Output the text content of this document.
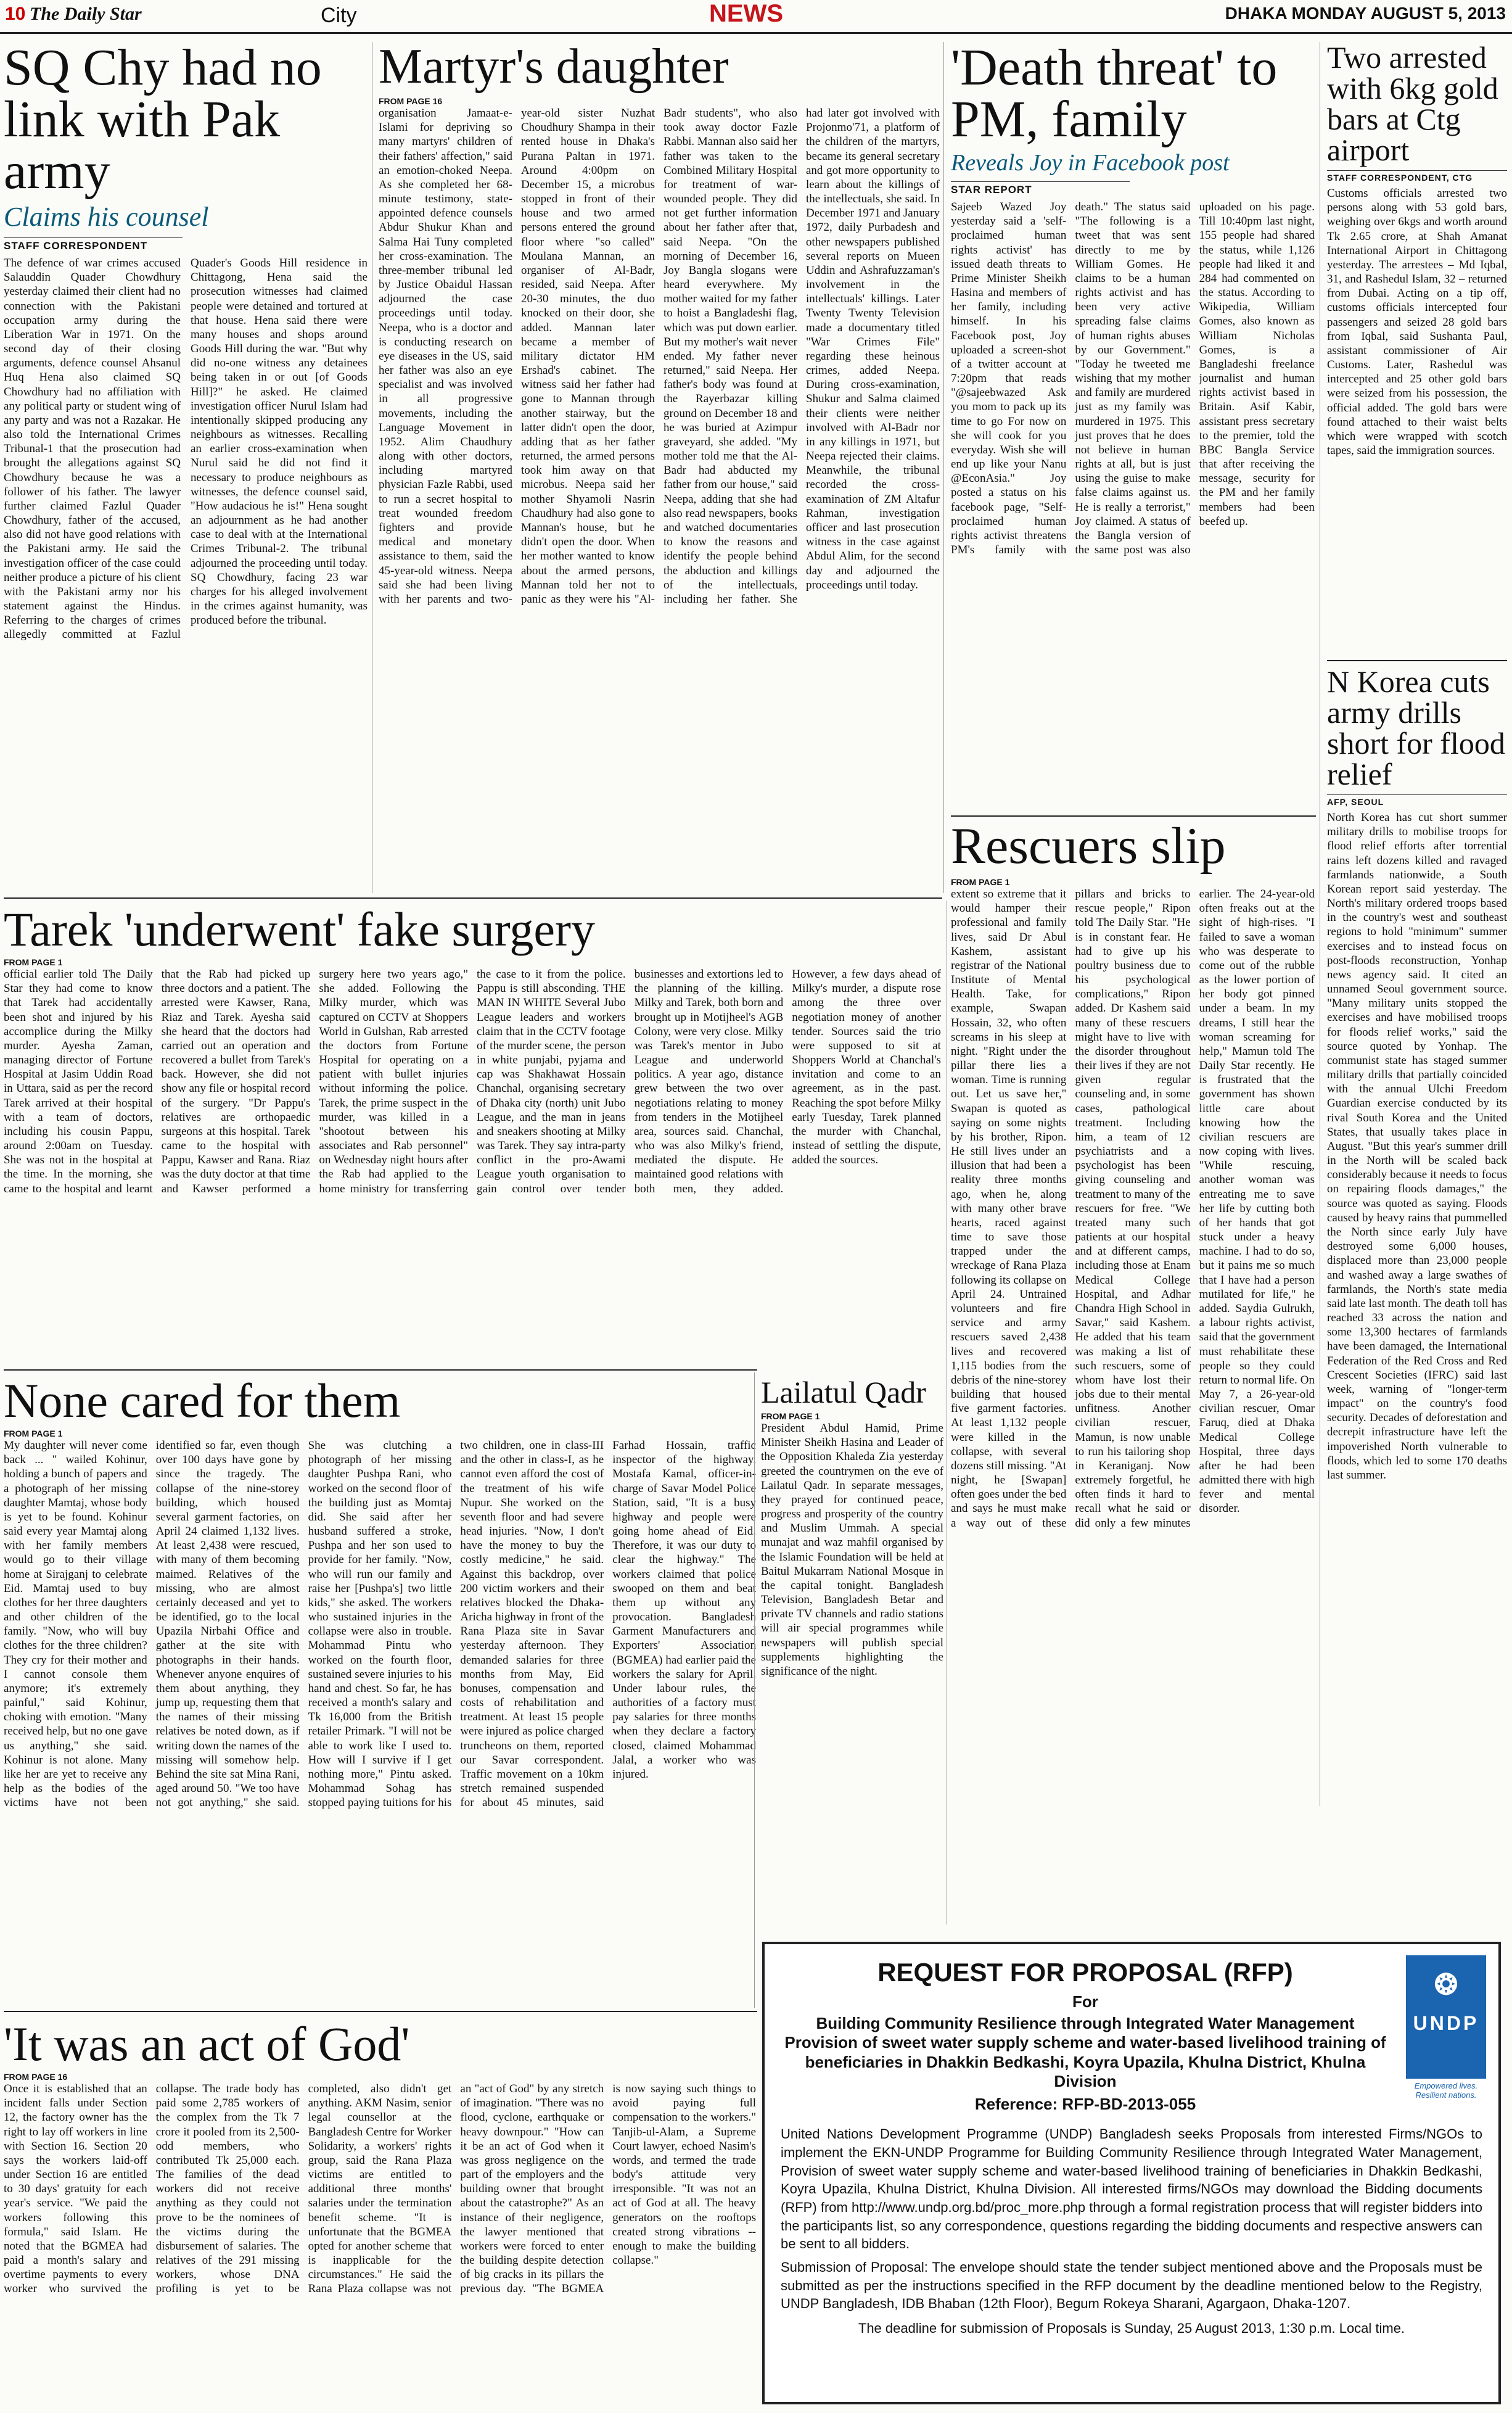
10 The Daily Star	City	NEWS	DHAKA MONDAY AUGUST 5, 2013
SQ Chy had no link with Pak army
Claims his counsel
STAFF CORRESPONDENT
The defence of war crimes accused Salauddin Quader Chowdhury yesterday claimed their client had no connection with the Pakistani occupation army during the Liberation War in 1971. On the second day of their closing arguments, defence counsel Ahsanul Huq Hena also claimed SQ Chowdhury had no affiliation with any political party or student wing of any party and was not a Razakar. He also told the International Crimes Tribunal-1 that the prosecution had brought the allegations against SQ Chowdhury because he was a follower of his father. The lawyer further claimed Fazlul Quader Chowdhury, father of the accused, also did not have good relations with the Pakistani army. He said the investigation officer of the case could neither produce a picture of his client with the Pakistani army nor his statement against the Hindus. Referring to the charges of crimes allegedly committed at Fazlul Quader's Goods Hill residence in Chittagong, Hena said the prosecution witnesses had claimed people were detained and tortured at that house. Hena said there were many houses and shops around Goods Hill during the war. "But why did no-one witness any detainees being taken in or out [of Goods Hill]?" he asked. He claimed investigation officer Nurul Islam had intentionally skipped producing any neighbours as witnesses. Recalling an earlier cross-examination when Nurul said he did not find it necessary to produce neighbours as witnesses, the defence counsel said, "How audacious he is!" Hena sought an adjournment as he had another case to deal with at the International Crimes Tribunal-2. The tribunal adjourned the proceeding until today. SQ Chowdhury, facing 23 war charges for his alleged involvement in the crimes against humanity, was produced before the tribunal.
Martyr's daughter
FROM PAGE 16
organisation Jamaat-e-Islami for depriving so many martyrs' children of their fathers' affection," said an emotion-choked Neepa. As she completed her 68-minute testimony, state-appointed defence counsels Abdur Shukur Khan and Salma Hai Tuny completed her cross-examination. The three-member tribunal led by Justice Obaidul Hassan adjourned the case proceedings until today. Neepa, who is a doctor and is conducting research on eye diseases in the US, said her father was also an eye specialist and was involved in all progressive movements, including the Language Movement in 1952. Alim Chaudhury along with other doctors, including martyred physician Fazle Rabbi, used to run a secret hospital to treat wounded freedom fighters and provide medical and monetary assistance to them, said the 45-year-old witness. Neepa said she had been living with her parents and two-year-old sister Nuzhat Choudhury Shampa in their rented house in Dhaka's Purana Paltan in 1971. Around 4:00pm on December 15, a microbus stopped in front of their house and two armed persons entered the ground floor where "so called" Moulana Mannan, an organiser of Al-Badr, resided, said Neepa. After 20-30 minutes, the duo knocked on their door, she added. Mannan later became a member of military dictator HM Ershad's cabinet. The witness said her father had gone to Mannan through another stairway, but the latter didn't open the door, adding that as her father returned, the armed persons took him away on that microbus. Neepa said her mother Shyamoli Nasrin Chaudhury had also gone to Mannan's house, but he didn't open the door. When her mother wanted to know about the armed persons, Mannan told her not to panic as they were his "Al-Badr students", who also took away doctor Fazle Rabbi. Mannan also said her father was taken to the Combined Military Hospital for treatment of war-wounded people. They did not get further information about her father after that, said Neepa. "On the morning of December 16, Joy Bangla slogans were heard everywhere. My mother waited for my father to hoist a Bangladeshi flag, which was put down earlier. But my mother's wait never ended. My father never returned," said Neepa. Her father's body was found at the Rayerbazar killing ground on December 18 and he was buried at Azimpur graveyard, she added. "My mother told me that the Al-Badr had abducted my father from our house," said Neepa, adding that she had also read newspapers, books and watched documentaries to know the reasons and identify the people behind the abduction and killings of the intellectuals, including her father. She had later got involved with Projonmo'71, a platform of the children of the martyrs, became its general secretary and got more opportunity to learn about the killings of the intellectuals, she said. In December 1971 and January 1972, daily Purbadesh and other newspapers published several reports on Mueen Uddin and Ashrafuzzaman's involvement in the intellectuals' killings. Later Twenty Twenty Television made a documentary titled "War Crimes File" regarding these heinous crimes, added Neepa. During cross-examination, Shukur and Salma claimed their clients were neither involved with Al-Badr nor in any killings in 1971, but Neepa rejected their claims. Meanwhile, the tribunal recorded the cross-examination of ZM Altafur Rahman, investigation officer and last prosecution witness in the case against Abdul Alim, for the second day and adjourned the proceedings until today.
'Death threat' to PM, family
Reveals Joy in Facebook post
STAR REPORT
Sajeeb Wazed Joy yesterday said a 'self-proclaimed human rights activist' has issued death threats to Prime Minister Sheikh Hasina and members of her family, including himself. In his Facebook post, Joy uploaded a screen-shot of a twitter account at 7:20pm that reads "@sajeebwazed Ask you mom to pack up its time to go For now on she will cook for you everyday. Wish she will end up like your Nanu @EconAsia." Joy posted a status on his facebook page, "Self-proclaimed human rights activist threatens PM's family with death." The status said "The following is a tweet that was sent directly to me by William Gomes. He claims to be a human rights activist and has been very active spreading false claims of human rights abuses by our Government." "Today he tweeted me wishing that my mother and family are murdered just as my family was murdered in 1975. This just proves that he does not believe in human rights at all, but is just using the guise to make false claims against us. He is really a terrorist," Joy claimed. A status of the Bangla version of the same post was also uploaded on his page. Till 10:40pm last night, 155 people had shared the status, while 1,126 people had liked it and 284 had commented on the status. According to Wikipedia, William Gomes, also known as William Nicholas Gomes, is a Bangladeshi freelance journalist and human rights activist based in Britain. Asif Kabir, assistant press secretary to the premier, told the BBC Bangla Service that after receiving the message, security for the PM and her family members had been beefed up.
Two arrested with 6kg gold bars at Ctg airport
STAFF CORRESPONDENT, CTG
Customs officials arrested two persons along with 53 gold bars, weighing over 6kgs and worth around Tk 2.65 crore, at Shah Amanat International Airport in Chittagong yesterday. The arrestees – Md Iqbal, 31, and Rashedul Islam, 32 – returned from Dubai. Acting on a tip off, customs officials intercepted four passengers and seized 28 gold bars from Iqbal, said Sushanta Paul, assistant commissioner of Air Customs. Later, Rashedul was intercepted and 25 other gold bars were seized from his possession, the official added. The gold bars were found attached to their waist belts which were wrapped with scotch tapes, said the immigration sources.
N Korea cuts army drills short for flood relief
AFP, SEOUL
North Korea has cut short summer military drills to mobilise troops for flood relief efforts after torrential rains left dozens killed and ravaged farmlands nationwide, a South Korean report said yesterday. The North's military ordered troops based in the country's west and southeast regions to hold "minimum" summer exercises and to instead focus on post-floods reconstruction, Yonhap news agency said. It cited an unnamed Seoul government source. "Many military units stopped the exercises and have mobilised troops for floods relief works," said the source quoted by Yonhap. The communist state has staged summer military drills that partially coincided with the annual Ulchi Freedom Guardian exercise conducted by its rival South Korea and the United States, that usually takes place in August. "But this year's summer drill in the North will be scaled back considerably because it needs to focus on repairing floods damages," the source was quoted as saying. Floods caused by heavy rains that pummelled the North since early July have destroyed some 6,000 houses, displaced more than 23,000 people and washed away a large swathes of farmlands, the North's state media said late last month. The death toll has reached 33 across the nation and some 13,300 hectares of farmlands have been damaged, the International Federation of the Red Cross and Red Crescent Societies (IFRC) said last week, warning of "longer-term impact" on the country's food security. Decades of deforestation and decrepit infrastructure have left the impoverished North vulnerable to floods, which led to some 170 deaths last summer.
Rescuers slip
FROM PAGE 1
extent so extreme that it would hamper their professional and family lives, said Dr Abul Kashem, assistant registrar of the National Institute of Mental Health. Take, for example, Swapan Hossain, 32, who often screams in his sleep at night. "Right under the pillar there lies a woman. Time is running out. Let us save her," Swapan is quoted as saying on some nights by his brother, Ripon. He still lives under an illusion that had been a reality three months ago, when he, along with many other brave hearts, raced against time to save those trapped under the wreckage of Rana Plaza following its collapse on April 24. Untrained volunteers and fire service and army rescuers saved 2,438 lives and recovered 1,115 bodies from the debris of the nine-storey building that housed five garment factories. At least 1,132 people were killed in the collapse, with several dozens still missing. "At night, he [Swapan] often goes under the bed and says he must make a way out of these pillars and bricks to rescue people," Ripon told The Daily Star. "He is in constant fear. He had to give up his poultry business due to his psychological complications," Ripon added. Dr Kashem said many of these rescuers might have to live with the disorder throughout their lives if they are not given regular counseling and, in some cases, pathological treatment. Including him, a team of 12 psychiatrists and a psychologist has been giving counseling and treatment to many of the rescuers for free. "We treated many such patients at our hospital and at different camps, including those at Enam Medical College Hospital, and Adhar Chandra High School in Savar," said Kashem. He added that his team was making a list of such rescuers, some of whom have lost their jobs due to their mental unfitness. Another civilian rescuer, Mamun, is now unable to run his tailoring shop in Keraniganj. Now extremely forgetful, he often finds it hard to recall what he said or did only a few minutes earlier. The 24-year-old often freaks out at the sight of high-rises. "I failed to save a woman who was desperate to come out of the rubble as the lower portion of her body got pinned under a beam. In my dreams, I still hear the woman screaming for help," Mamun told The Daily Star recently. He is frustrated that the government has shown little care about knowing how the civilian rescuers are now coping with lives. "While rescuing, another woman was entreating me to save her life by cutting both of her hands that got stuck under a heavy machine. I had to do so, but it pains me so much that I have had a person mutilated for life," he added. Saydia Gulrukh, a labour rights activist, said that the government must rehabilitate these people so they could return to normal life. On May 7, a 26-year-old civilian rescuer, Omar Faruq, died at Dhaka Medical College Hospital, three days after he had been admitted there with high fever and mental disorder.
Tarek 'underwent' fake surgery
FROM PAGE 1
official earlier told The Daily Star they had come to know that Tarek had accidentally been shot and injured by his accomplice during the Milky murder. Ayesha Zaman, managing director of Fortune Hospital at Jasim Uddin Road in Uttara, said as per the record Tarek arrived at their hospital with a team of doctors, including his cousin Pappu, around 2:00am on Tuesday. She was not in the hospital at the time. In the morning, she came to the hospital and learnt that the Rab had picked up three doctors and a patient. The arrested were Kawser, Rana, Riaz and Tarek. Ayesha said she heard that the doctors had carried out an operation and recovered a bullet from Tarek's back. However, she did not show any file or hospital record of the surgery. "Dr Pappu's relatives are orthopaedic surgeons at this hospital. Tarek came to the hospital with Pappu, Kawser and Rana. Riaz was the duty doctor at that time and Kawser performed a surgery here two years ago," she added. Following the Milky murder, which was captured on CCTV at Shoppers World in Gulshan, Rab arrested the doctors from Fortune Hospital for operating on a patient with bullet injuries without informing the police. Tarek, the prime suspect in the murder, was killed in a "shootout between his associates and Rab personnel" on Wednesday night hours after the Rab had applied to the home ministry for transferring the case to it from the police. Pappu is still absconding. THE MAN IN WHITE Several Jubo League leaders and workers claim that in the CCTV footage of the murder scene, the person in white punjabi, pyjama and cap was Shakhawat Hossain Chanchal, organising secretary of Dhaka city (north) unit Jubo League, and the man in jeans and sneakers shooting at Milky was Tarek. They say intra-party conflict in the pro-Awami League youth organisation to gain control over tender businesses and extortions led to the planning of the killing. Milky and Tarek, both born and brought up in Motijheel's AGB Colony, were very close. Milky was Tarek's mentor in Jubo League and underworld politics. A year ago, distance grew between the two over negotiations relating to money from tenders in the Motijheel area, sources said. Chanchal, who was also Milky's friend, mediated the dispute. He maintained good relations with both men, they added. However, a few days ahead of Milky's murder, a dispute rose among the three over negotiation money of another tender. Sources said the trio were supposed to sit at Shoppers World at Chanchal's invitation and come to an agreement, as in the past. Reaching the spot before Milky early Tuesday, Tarek planned the murder with Chanchal, instead of settling the dispute, added the sources.
None cared for them
FROM PAGE 1
My daughter will never come back ... " wailed Kohinur, holding a bunch of papers and a photograph of her missing daughter Mamtaj, whose body is yet to be found. Kohinur said every year Mamtaj along with her family members would go to their village home at Sirajganj to celebrate Eid. Mamtaj used to buy clothes for her three daughters and other children of the family. "Now, who will buy clothes for the three children? They cry for their mother and I cannot console them anymore; it's extremely painful," said Kohinur, choking with emotion. "Many received help, but no one gave us anything," she said. Kohinur is not alone. Many like her are yet to receive any help as the bodies of the victims have not been identified so far, even though over 100 days have gone by since the tragedy. The collapse of the nine-storey building, which housed several garment factories, on April 24 claimed 1,132 lives. At least 2,438 were rescued, with many of them becoming maimed. Relatives of the missing, who are almost certainly deceased and yet to be identified, go to the local Upazila Nirbahi Office and gather at the site with photographs in their hands. Whenever anyone enquires of them about anything, they jump up, requesting them that the names of their missing relatives be noted down, as if writing down the names of the missing will somehow help. Behind the site sat Mina Rani, aged around 50. "We too have not got anything," she said. She was clutching a photograph of her missing daughter Pushpa Rani, who worked on the second floor of the building just as Momtaj did. She said after her husband suffered a stroke, Pushpa and her son used to provide for her family. "Now, who will run our family and raise her [Pushpa's] two little kids," she asked. The workers who sustained injuries in the collapse were also in trouble. Mohammad Pintu who worked on the fourth floor, sustained severe injuries to his hand and chest. So far, he has received a month's salary and Tk 16,000 from the British retailer Primark. "I will not be able to work like I used to. How will I survive if I get nothing more," Pintu asked. Mohammad Sohag has stopped paying tuitions for his two children, one in class-III and the other in class-I, as he cannot even afford the cost of the treatment of his wife Nupur. She worked on the seventh floor and had severe head injuries. "Now, I don't have the money to buy the costly medicine," he said. Against this backdrop, over 200 victim workers and their relatives blocked the Dhaka-Aricha highway in front of the Rana Plaza site in Savar yesterday afternoon. They demanded salaries for three months from May, Eid bonuses, compensation and costs of rehabilitation and treatment. At least 15 people were injured as police charged truncheons on them, reported our Savar correspondent. Traffic movement on a 10km stretch remained suspended for about 45 minutes, said Farhad Hossain, traffic inspector of the highway. Mostafa Kamal, officer-in-charge of Savar Model Police Station, said, "It is a busy highway and people were going home ahead of Eid. Therefore, it was our duty to clear the highway." The workers claimed that police swooped on them and beat them up without any provocation. Bangladesh Garment Manufacturers and Exporters' Association (BGMEA) had earlier paid the workers the salary for April. Under labour rules, the authorities of a factory must pay salaries for three months when they declare a factory closed, claimed Mohammad Jalal, a worker who was injured.
Lailatul Qadr
FROM PAGE 1
President Abdul Hamid, Prime Minister Sheikh Hasina and Leader of the Opposition Khaleda Zia yesterday greeted the countrymen on the eve of Lailatul Qadr. In separate messages, they prayed for continued peace, progress and prosperity of the country and Muslim Ummah. A special munajat and waz mahfil organised by the Islamic Foundation will be held at Baitul Mukarram National Mosque in the capital tonight. Bangladesh Television, Bangladesh Betar and private TV channels and radio stations will air special programmes while newspapers will publish special supplements highlighting the significance of the night.
'It was an act of God'
FROM PAGE 16
Once it is established that an incident falls under Section 12, the factory owner has the right to lay off workers in line with Section 16. Section 20 says the workers laid-off under Section 16 are entitled to 30 days' gratuity for each year's service. "We paid the workers following this formula," said Islam. He noted that the BGMEA had paid a month's salary and overtime payments to every worker who survived the collapse. The trade body has paid some 2,785 workers of the complex from the Tk 7 crore it pooled from its 2,500-odd members, who contributed Tk 25,000 each. The families of the dead workers did not receive anything as they could not prove to be the nominees of the victims during the disbursement of salaries. The relatives of the 291 missing workers, whose DNA profiling is yet to be completed, also didn't get anything. AKM Nasim, senior legal counsellor at the Bangladesh Centre for Worker Solidarity, a workers' rights group, said the Rana Plaza victims are entitled to additional three months' salaries under the termination benefit scheme. "It is unfortunate that the BGMEA opted for another scheme that is inapplicable for the circumstances." He said the Rana Plaza collapse was not an "act of God" by any stretch of imagination. "There was no flood, cyclone, earthquake or heavy downpour." "How can it be an act of God when it was gross negligence on the part of the employers and the building owner that brought about the catastrophe?" As an instance of their negligence, the lawyer mentioned that workers were forced to enter the building despite detection of big cracks in its pillars the previous day. "The BGMEA is now saying such things to avoid paying full compensation to the workers." Tanjib-ul-Alam, a Supreme Court lawyer, echoed Nasim's words, and termed the trade body's attitude very irresponsible. "It was not an act of God at all. The heavy generators on the rooftops created strong vibrations -- enough to make the building collapse."
❂
UNDP
Empowered lives. Resilient nations.
REQUEST FOR PROPOSAL (RFP)
For
Building Community Resilience through Integrated Water Management Provision of sweet water supply scheme and water-based livelihood training of beneficiaries in Dhakkin Bedkashi, Koyra Upazila, Khulna District, Khulna Division
Reference: RFP-BD-2013-055
United Nations Development Programme (UNDP) Bangladesh seeks Proposals from interested Firms/NGOs to implement the EKN-UNDP Programme for Building Community Resilience through Integrated Water Management, Provision of sweet water supply scheme and water-based livelihood training of beneficiaries in Dhakkin Bedkashi, Koyra Upazila, Khulna District, Khulna Division. All interested firms/NGOs may download the Bidding documents (RFP) from http://www.undp.org.bd/proc_more.php through a formal registration process that will register bidders into the participants list, so any correspondence, questions regarding the bidding documents and respective answers can be sent to all bidders.
Submission of Proposal: The envelope should state the tender subject mentioned above and the Proposals must be submitted as per the instructions specified in the RFP document by the deadline mentioned below to the Registry, UNDP Bangladesh, IDB Bhaban (12th Floor), Begum Rokeya Sharani, Agargaon, Dhaka-1207.
The deadline for submission of Proposals is Sunday, 25 August 2013, 1:30 p.m. Local time.
